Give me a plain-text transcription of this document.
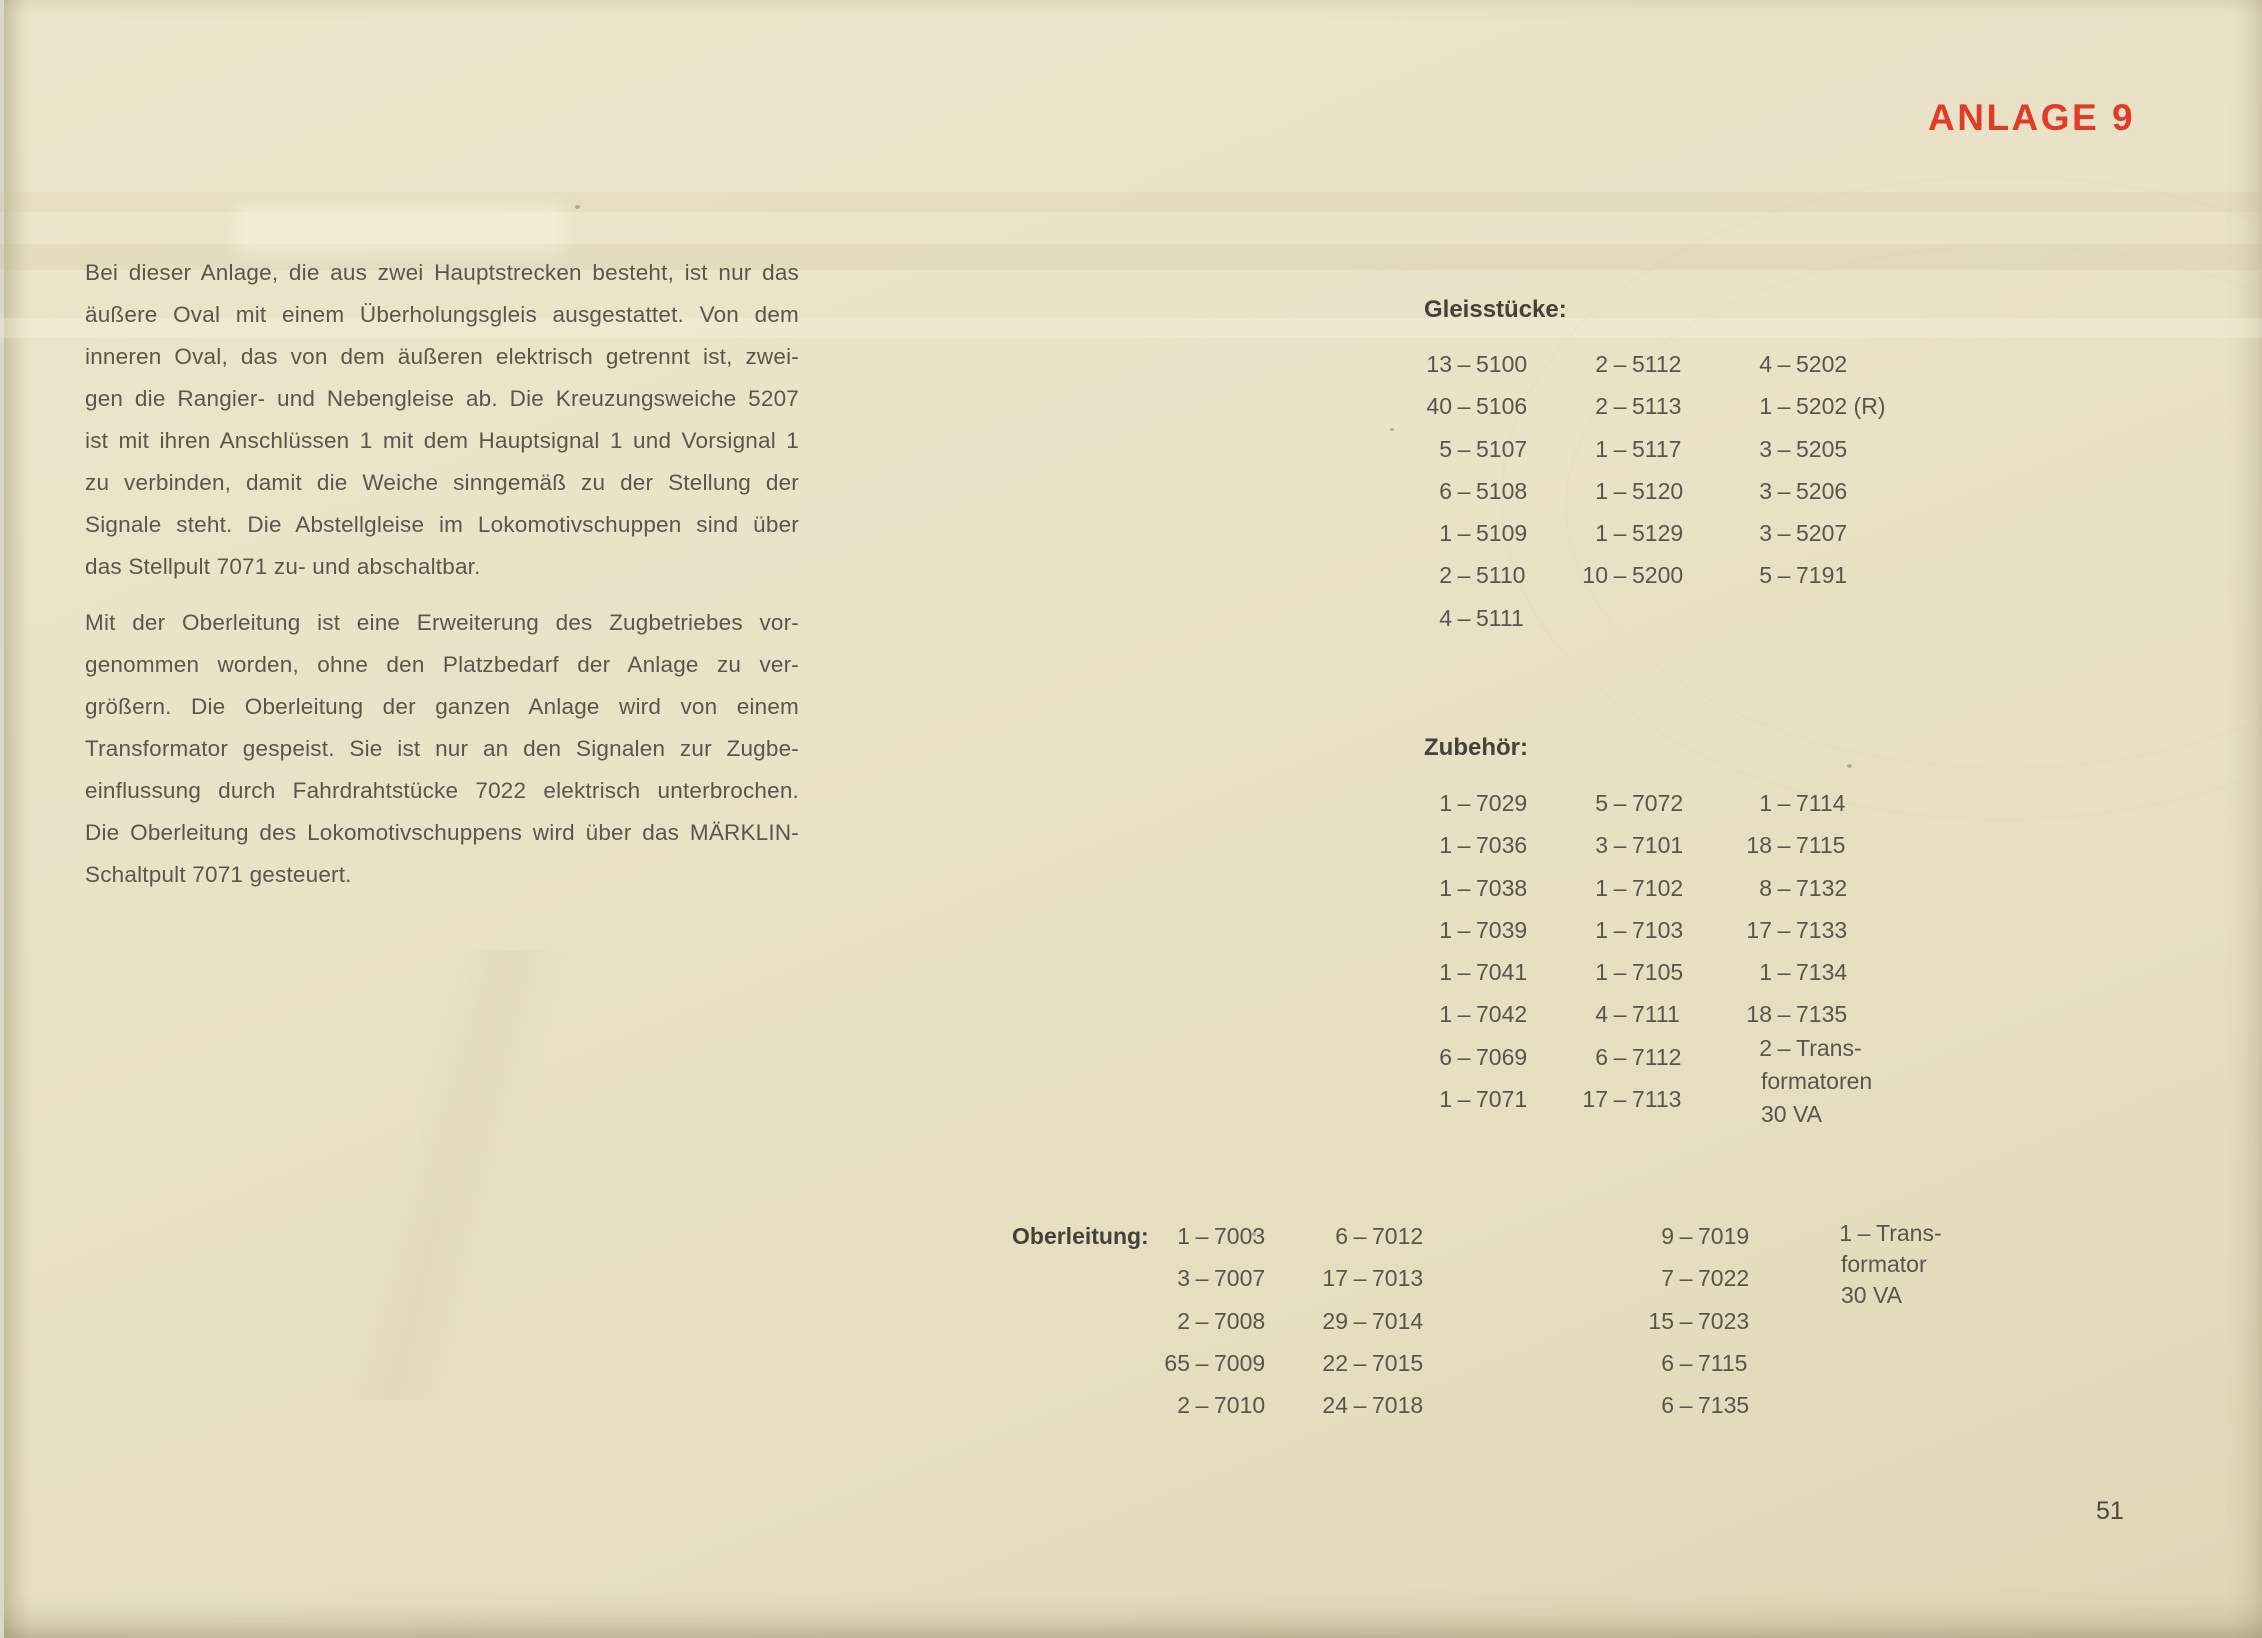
ANLAGE 9
Bei dieser Anlage, die aus zwei Hauptstrecken besteht, ist nur das
äußere Oval mit einem Überholungsgleis ausgestattet. Von dem
inneren Oval, das von dem äußeren elektrisch getrennt ist, zwei-
gen die Rangier- und Nebengleise ab. Die Kreuzungsweiche 5207
ist mit ihren Anschlüssen 1 mit dem Hauptsignal 1 und Vorsignal 1
zu verbinden, damit die Weiche sinngemäß zu der Stellung der
Signale steht. Die Abstellgleise im Lokomotivschuppen sind über
das Stellpult 7071 zu- und abschaltbar.
Mit der Oberleitung ist eine Erweiterung des Zugbetriebes vor-
genommen worden, ohne den Platzbedarf der Anlage zu ver-
größern. Die Oberleitung der ganzen Anlage wird von einem
Transformator gespeist. Sie ist nur an den Signalen zur Zugbe-
einflussung durch Fahrdrahtstücke 7022 elektrisch unterbrochen.
Die Oberleitung des Lokomotivschuppens wird über das MÄRKLIN-
Schaltpult 7071 gesteuert.
Gleisstücke:
13 – 5100
40 – 5106
5 – 5107
6 – 5108
1 – 5109
2 – 5110
4 – 5111
2 – 5112
2 – 5113
1 – 5117
1 – 5120
1 – 5129
10 – 5200
4 – 5202
1 – 5202 (R)
3 – 5205
3 – 5206
3 – 5207
5 – 7191
Zubehör:
1 – 7029
1 – 7036
1 – 7038
1 – 7039
1 – 7041
1 – 7042
6 – 7069
1 – 7071
5 – 7072
3 – 7101
1 – 7102
1 – 7103
1 – 7105
4 – 7111
6 – 7112
17 – 7113
1 – 7114
18 – 7115
8 – 7132
17 – 7133
1 – 7134
18 – 7135
2 – Trans-
formatoren
30 VA
Oberleitung:	1 – 7003
3 – 7007
2 – 7008
65 – 7009
2 – 7010
6 – 7012
17 – 7013
29 – 7014
22 – 7015
24 – 7018
9 – 7019
7 – 7022
15 – 7023
6 – 7115
6 – 7135
1 – Trans-
formator
30 VA
51
